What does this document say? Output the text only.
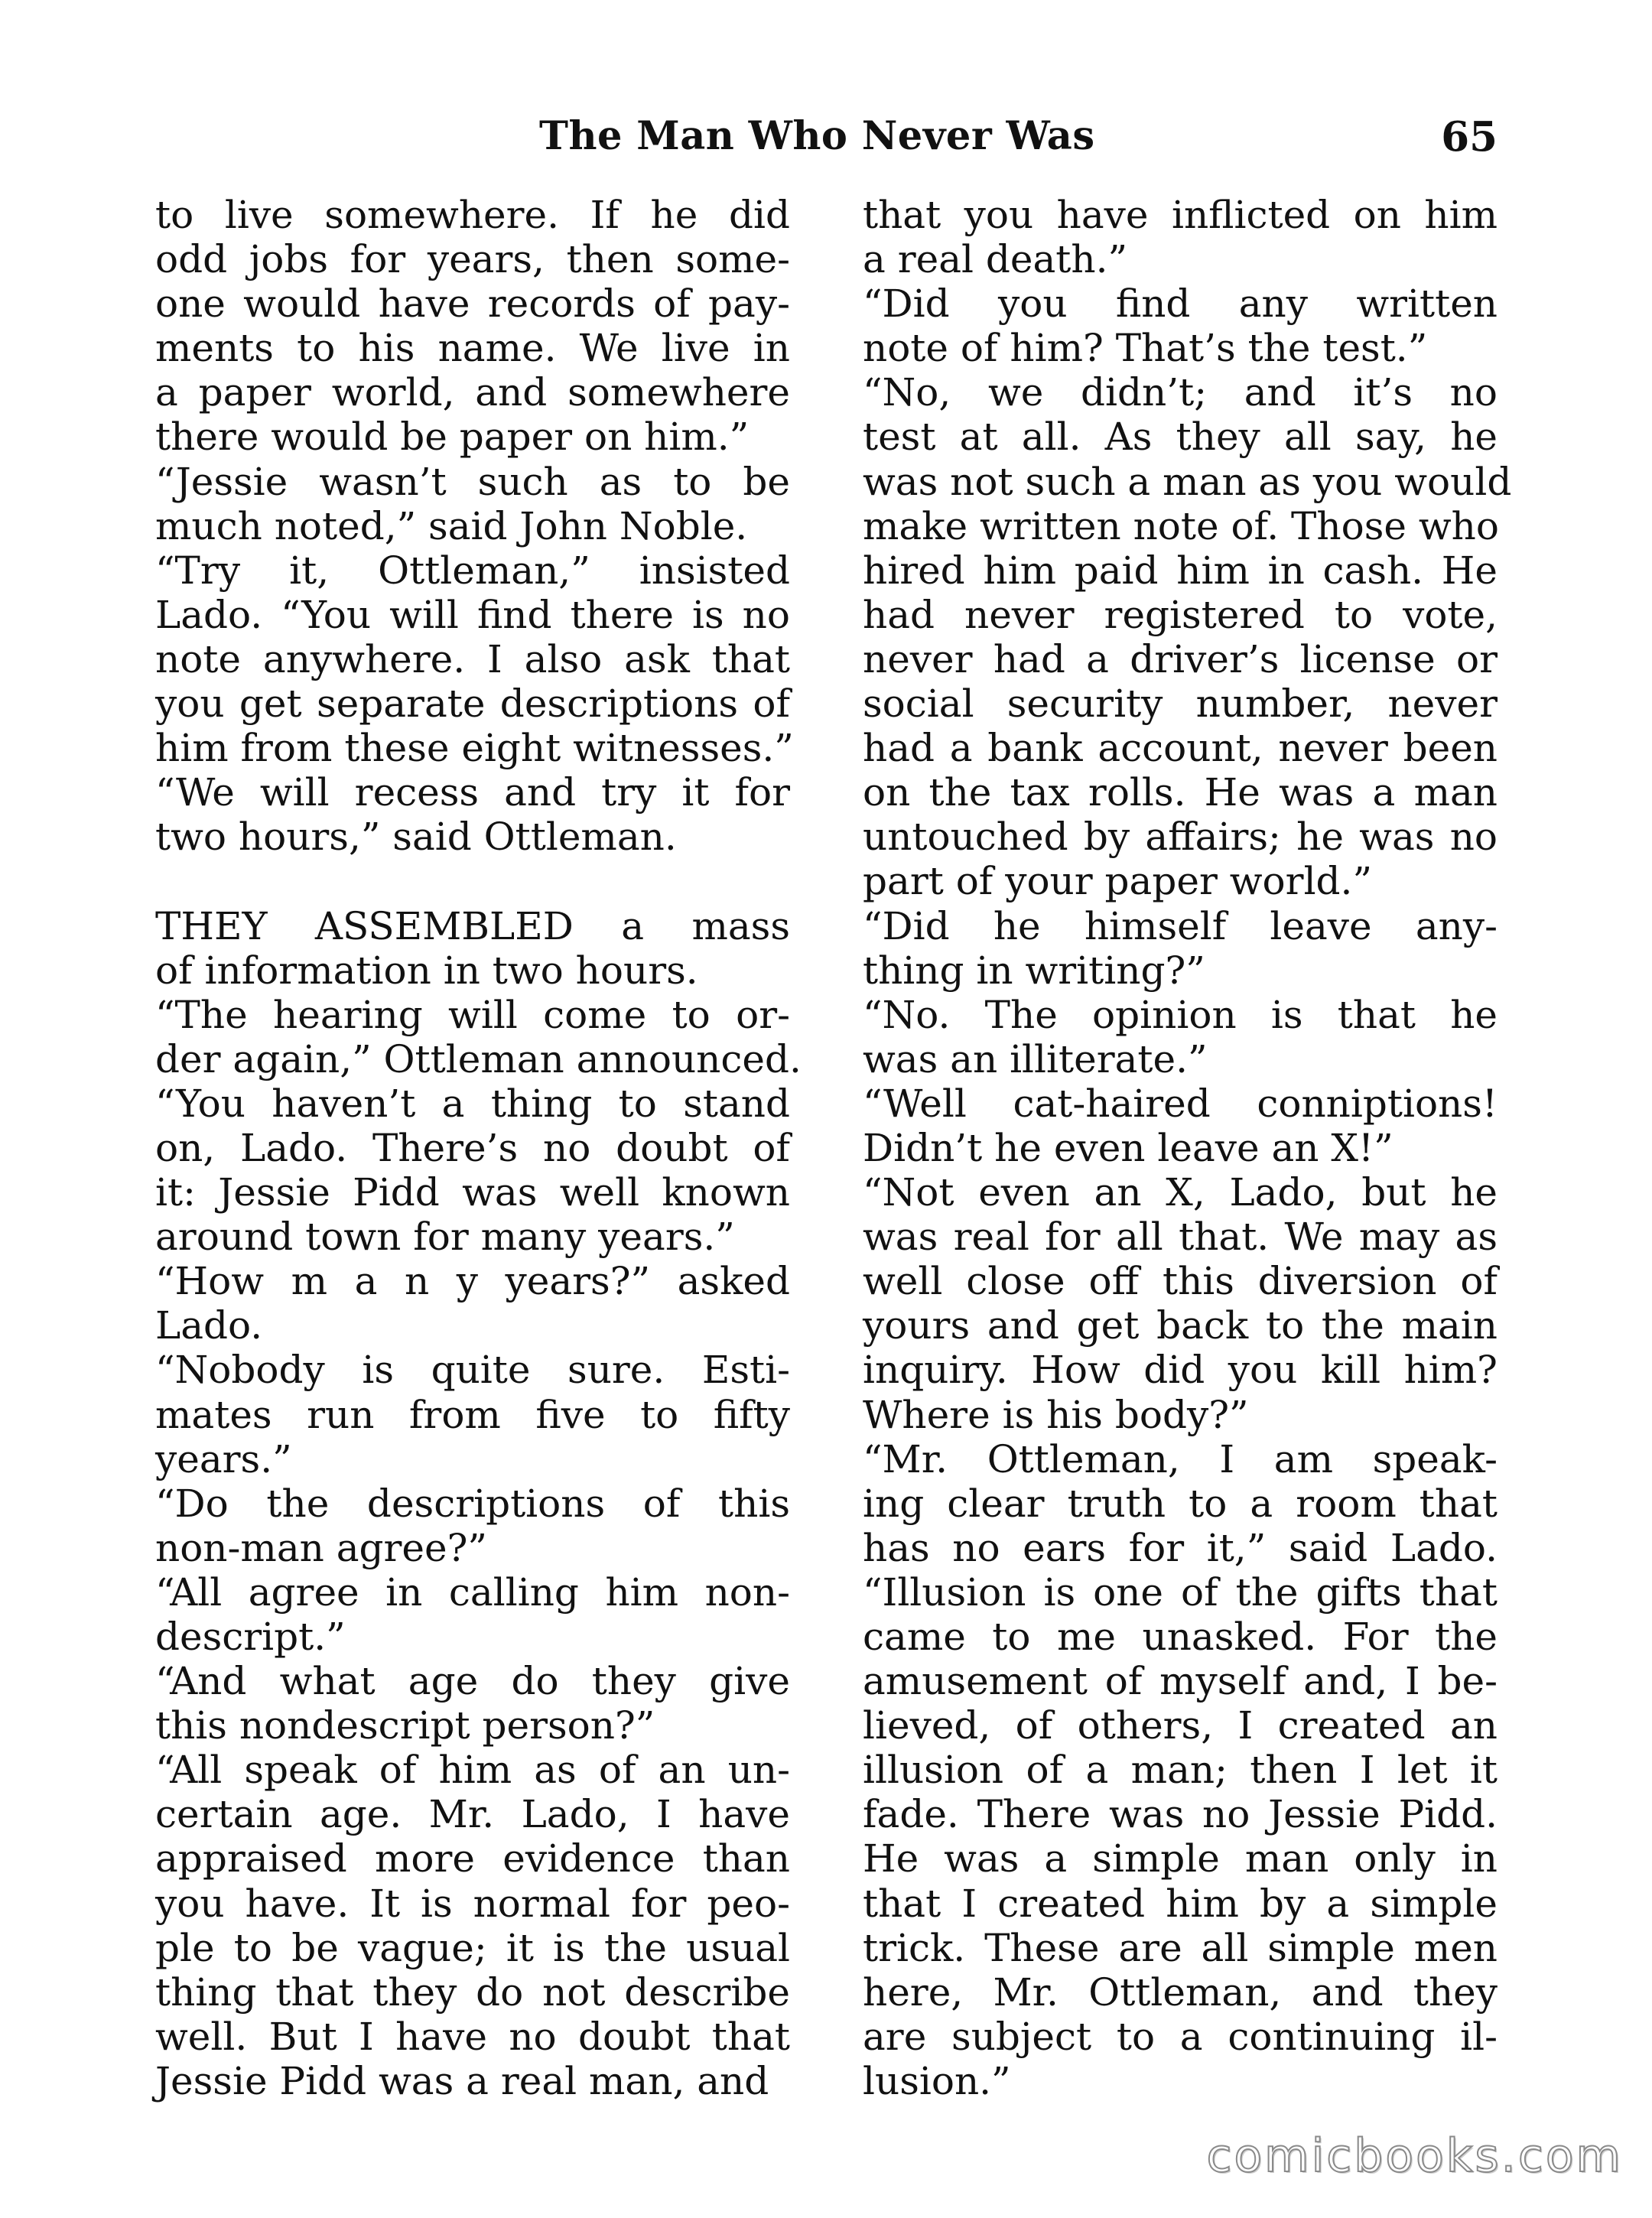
The Man Who Never Was	65
to live somewhere. If he did
odd jobs for years, then some-
one would have records of pay-
ments to his name. We live in
a paper world, and somewhere
there would be paper on him.”
“Jessie wasn’t such as to be
much noted,” said John Noble.
“Try it, Ottleman,” insisted
Lado. “You will find there is no
note anywhere. I also ask that
you get separate descriptions of
him from these eight witnesses.”
“We will recess and try it for
two hours,” said Ottleman.

THEY ASSEMBLED a mass
of information in two hours.
“The hearing will come to or-
der again,” Ottleman announced.
“You haven’t a thing to stand
on, Lado. There’s no doubt of
it: Jessie Pidd was well known
around town for many years.”
“How m a n y years?” asked
Lado.
“Nobody is quite sure. Esti-
mates run from five to fifty
years.”
“Do the descriptions of this
non-man agree?”
“All agree in calling him non-
descript.”
“And what age do they give
this nondescript person?”
“All speak of him as of an un-
certain age. Mr. Lado, I have
appraised more evidence than
you have. It is normal for peo-
ple to be vague; it is the usual
thing that they do not describe
well. But I have no doubt that
Jessie Pidd was a real man, and
that you have inflicted on him
a real death.”
“Did you find any written
note of him? That’s the test.”
“No, we didn’t; and it’s no
test at all. As they all say, he
was not such a man as you would
make written note of. Those who
hired him paid him in cash. He
had never registered to vote,
never had a driver’s license or
social security number, never
had a bank account, never been
on the tax rolls. He was a man
untouched by affairs; he was no
part of your paper world.”
“Did he himself leave any-
thing in writing?”
“No. The opinion is that he
was an illiterate.”
“Well cat-haired conniptions!
Didn’t he even leave an X!”
“Not even an X, Lado, but he
was real for all that. We may as
well close off this diversion of
yours and get back to the main
inquiry. How did you kill him?
Where is his body?”
“Mr. Ottleman, I am speak-
ing clear truth to a room that
has no ears for it,” said Lado.
“Illusion is one of the gifts that
came to me unasked. For the
amusement of myself and, I be-
lieved, of others, I created an
illusion of a man; then I let it
fade. There was no Jessie Pidd.
He was a simple man only in
that I created him by a simple
trick. These are all simple men
here, Mr. Ottleman, and they
are subject to a continuing il-
lusion.”
comicbooks.com
